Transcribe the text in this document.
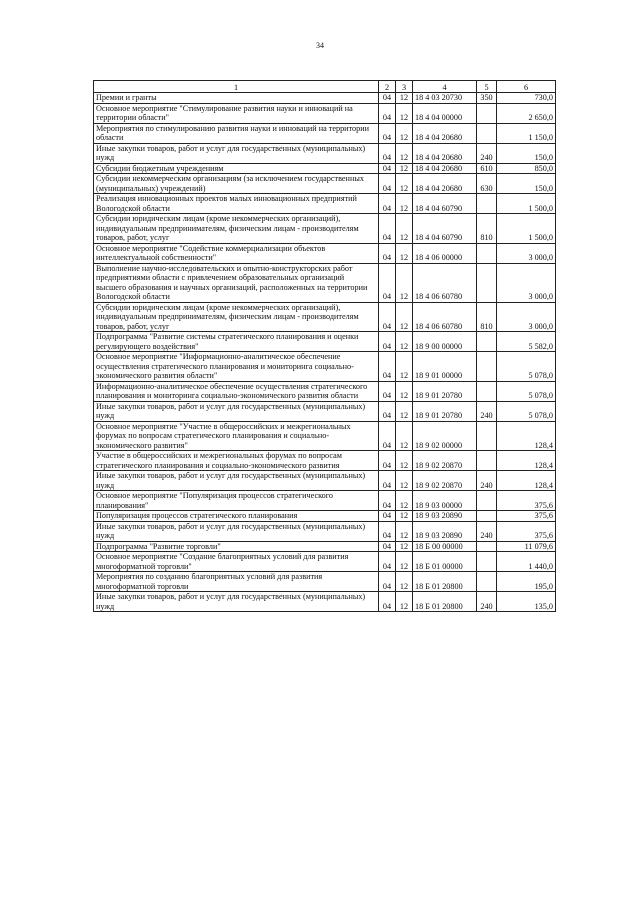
34
1	2	3	4	5	6
Премии и гранты	04	12	18 4 03 20730	350	730,0
Основное мероприятие "Стимулирование развития науки и инноваций на территории области"	04	12	18 4 04 00000		2 650,0
Мероприятия по стимулированию развития науки и инноваций на территории области	04	12	18 4 04 20680		1 150,0
Иные закупки товаров, работ и услуг для государственных (муниципальных) нужд	04	12	18 4 04 20680	240	150,0
Субсидии бюджетным учреждениям	04	12	18 4 04 20680	610	850,0
Субсидии некоммерческим организациям (за исключением государственных (муниципальных) учреждений)	04	12	18 4 04 20680	630	150,0
Реализация инновационных проектов малых инновационных предприятий Вологодской области	04	12	18 4 04 60790		1 500,0
Субсидии юридическим лицам (кроме некоммерческих организаций), индивидуальным предпринимателям, физическим лицам - производителям товаров, работ, услуг	04	12	18 4 04 60790	810	1 500,0
Основное мероприятие "Содействие коммерциализации объектов интеллектуальной собственности"	04	12	18 4 06 00000		3 000,0
Выполнение научно-исследовательских и опытно-конструкторских работ предприятиями области с привлечением образовательных организаций высшего образования и научных организаций, расположенных на территории Вологодской области	04	12	18 4 06 60780		3 000,0
Субсидии юридическим лицам (кроме некоммерческих организаций), индивидуальным предпринимателям, физическим лицам - производителям товаров, работ, услуг	04	12	18 4 06 60780	810	3 000,0
Подпрограмма "Развитие системы стратегического планирования и оценки регулирующего воздействия"	04	12	18 9 00 00000		5 582,0
Основное мероприятие "Информационно-аналитическое обеспечение осуществления стратегического планирования и мониторинга социально-экономического развития области"	04	12	18 9 01 00000		5 078,0
Информационно-аналитическое обеспечение осуществления стратегического планирования и мониторинга социально-экономического развития области	04	12	18 9 01 20780		5 078,0
Иные закупки товаров, работ и услуг для государственных (муниципальных) нужд	04	12	18 9 01 20780	240	5 078,0
Основное мероприятие "Участие в общероссийских и межрегиональных форумах по вопросам стратегического планирования и социально-экономического развития"	04	12	18 9 02 00000		128,4
Участие в общероссийских и межрегиональных форумах по вопросам стратегического планирования и социально-экономического развития	04	12	18 9 02 20870		128,4
Иные закупки товаров, работ и услуг для государственных (муниципальных) нужд	04	12	18 9 02 20870	240	128,4
Основное мероприятие "Популяризация процессов стратегического планирования"	04	12	18 9 03 00000		375,6
Популяризация процессов стратегического планирования	04	12	18 9 03 20890		375,6
Иные закупки товаров, работ и услуг для государственных (муниципальных) нужд	04	12	18 9 03 20890	240	375,6
Подпрограмма "Развитие торговли"	04	12	18 Б 00 00000		11 079,6
Основное мероприятие "Создание благоприятных условий для развития многоформатной торговли"	04	12	18 Б 01 00000		1 440,0
Мероприятия по созданию благоприятных условий для развития многоформатной торговли	04	12	18 Б 01 20800		195,0
Иные закупки товаров, работ и услуг для государственных (муниципальных) нужд	04	12	18 Б 01 20800	240	135,0
